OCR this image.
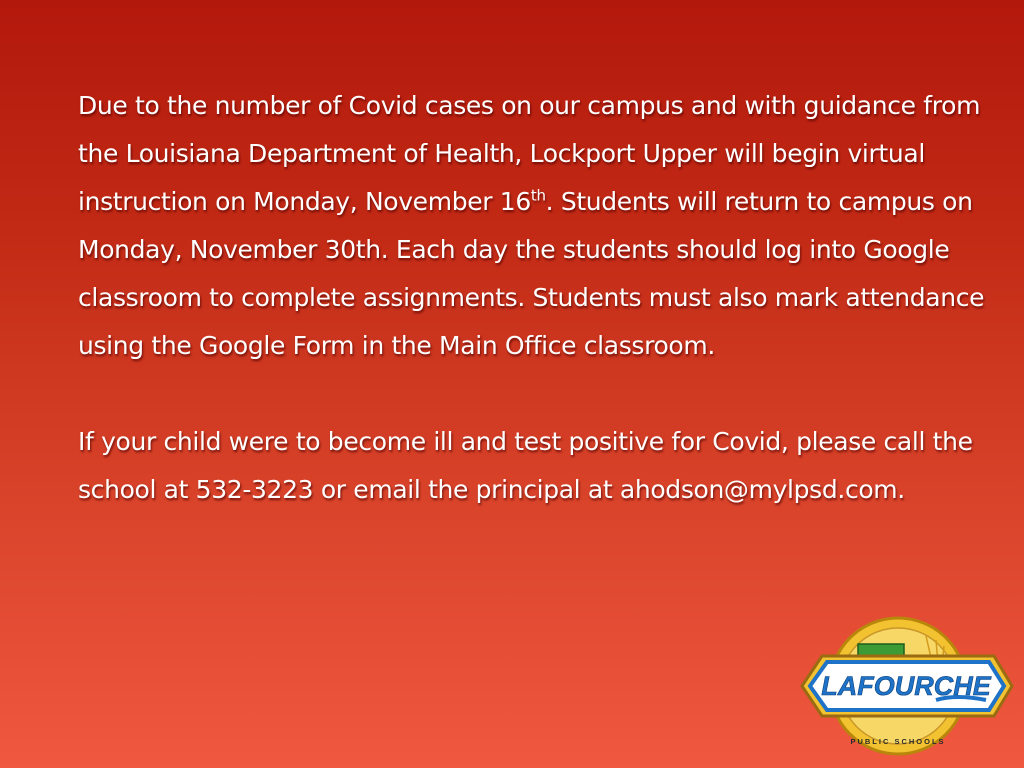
Due to the number of Covid cases on our campus and with guidance from the Louisiana Department of Health, Lockport Upper will begin virtual instruction on Monday, November 16th. Students will return to campus on Monday, November 30th. Each day the students should log into Google classroom to complete assignments. Students must also mark attendance using the Google Form in the Main Office classroom.

If your child were to become ill and test positive for Covid, please call the school at 532-3223 or email the principal at ahodson@mylpsd.com.

LAFOURCHE
PUBLIC SCHOOLS
